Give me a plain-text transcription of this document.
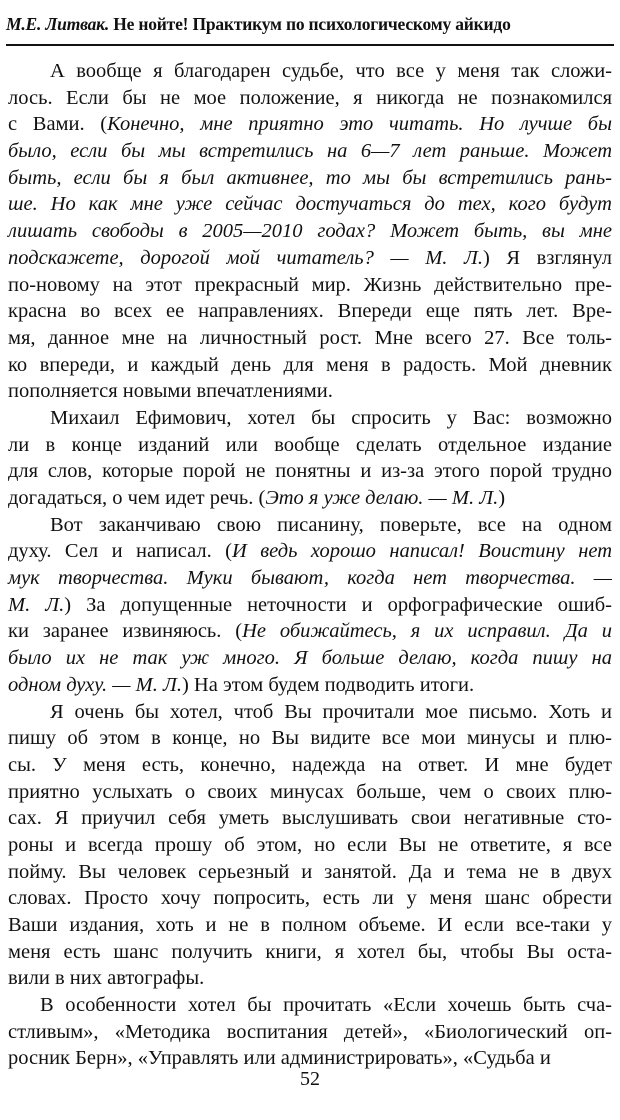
М.Е. Литвак. Не нойте! Практикум по психологическому айкидо
А вообще я благодарен судьбе, что все у меня так сложи-
лось. Если бы не мое положение, я никогда не познакомился
с Вами. (Конечно, мне приятно это читать. Но лучше бы
было, если бы мы встретились на 6—7 лет раньше. Может
быть, если бы я был активнее, то мы бы встретились рань-
ше. Но как мне уже сейчас достучаться до тех, кого будут
лишать свободы в 2005—2010 годах? Может быть, вы мне
подскажете, дорогой мой читатель? — М. Л.) Я взглянул
по-новому на этот прекрасный мир. Жизнь действительно пре-
красна во всех ее направлениях. Впереди еще пять лет. Вре-
мя, данное мне на личностный рост. Мне всего 27. Все толь-
ко впереди, и каждый день для меня в радость. Мой дневник
пополняется новыми впечатлениями.
Михаил Ефимович, хотел бы спросить у Вас: возможно
ли в конце изданий или вообще сделать отдельное издание
для слов, которые порой не понятны и из-за этого порой трудно
догадаться, о чем идет речь. (Это я уже делаю. — М. Л.)
Вот заканчиваю свою писанину, поверьте, все на одном
духу. Сел и написал. (И ведь хорошо написал! Воистину нет
мук творчества. Муки бывают, когда нет творчества. —
М. Л.) За допущенные неточности и орфографические ошиб-
ки заранее извиняюсь. (Не обижайтесь, я их исправил. Да и
было их не так уж много. Я больше делаю, когда пишу на
одном духу. — М. Л.) На этом будем подводить итоги.
Я очень бы хотел, чтоб Вы прочитали мое письмо. Хоть и
пишу об этом в конце, но Вы видите все мои минусы и плю-
сы. У меня есть, конечно, надежда на ответ. И мне будет
приятно услыхать о своих минусах больше, чем о своих плю-
сах. Я приучил себя уметь выслушивать свои негативные сто-
роны и всегда прошу об этом, но если Вы не ответите, я все
пойму. Вы человек серьезный и занятой. Да и тема не в двух
словах. Просто хочу попросить, есть ли у меня шанс обрести
Ваши издания, хоть и не в полном объеме. И если все-таки у
меня есть шанс получить книги, я хотел бы, чтобы Вы оста-
вили в них автографы.
В особенности хотел бы прочитать «Если хочешь быть сча-
стливым», «Методика воспитания детей», «Биологический оп-
росник Берн», «Управлять или администрировать», «Судьба и
52
